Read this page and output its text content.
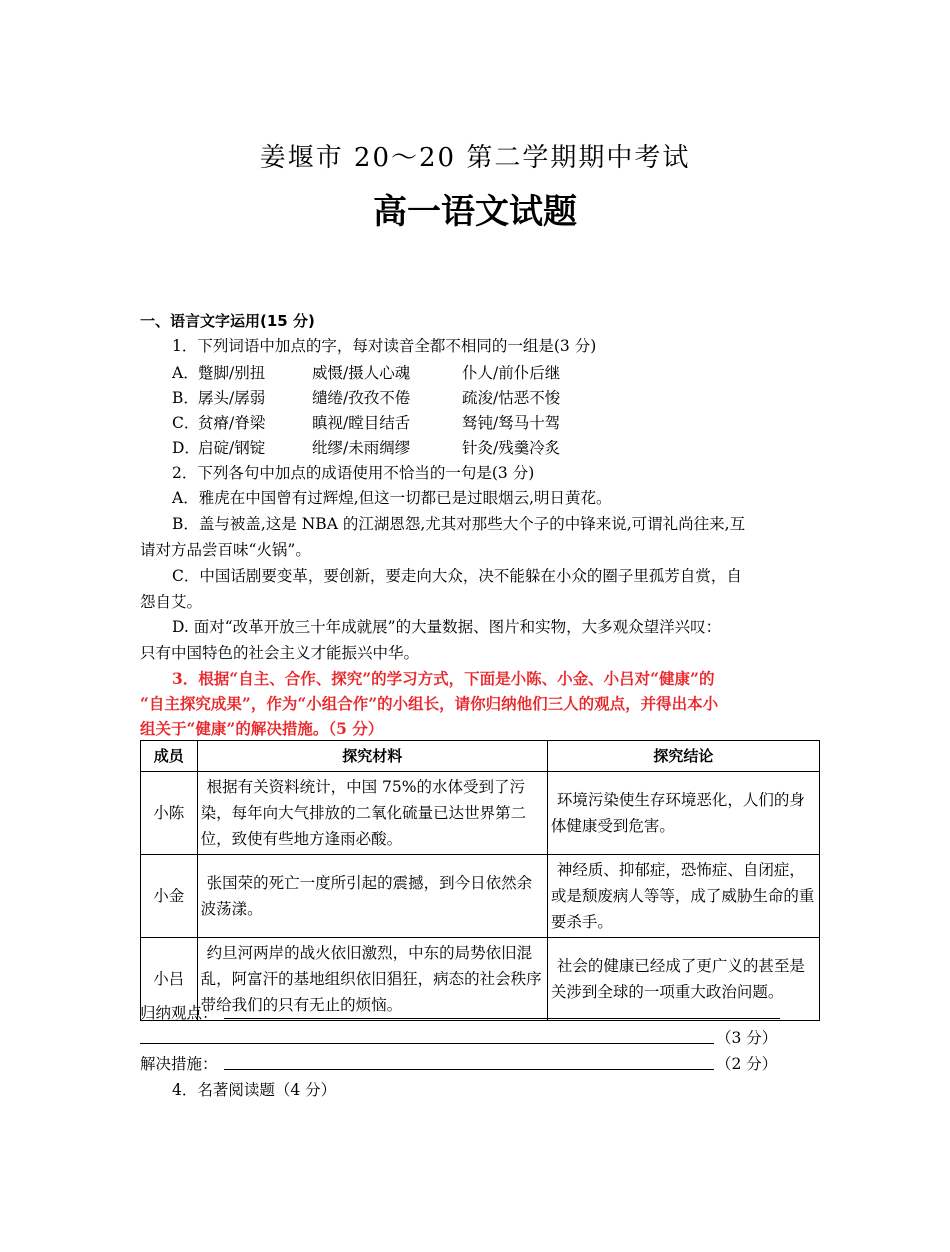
姜堰市 20～20 第二学期期中考试
高一语文试题
一、语言文字运用(15 分)
1．下列词语中加点的字，每对读音全都不相同的一组是(3 分)
A． 蹩脚/别扭	威慑/摄人心魂	仆人/前仆后继
B． 孱头/孱弱	缱绻/孜孜不倦	疏浚/怙恶不悛
C．
贫瘠/脊梁	瞋视/瞠目结舌	驽钝/驽马十驾
D．
启碇/钢锭	纰缪/未雨绸缪	针灸/残羹冷炙
2．下列各句中加点的成语使用不恰当的一句是(3 分)
A．雅虎在中国曾有过辉煌,但这一切都已是过眼烟云,明日黄花。
B．盖与被盖,这是 NBA 的江湖恩怨,尤其对那些大个子的中锋来说,可谓礼尚往来,互
请对方品尝百味“火锅”。
C．中国话剧要变革，要创新，要走向大众，决不能躲在小众的圈子里孤芳自赏，自
怨自艾。
D. 面对“改革开放三十年成就展”的大量数据、图片和实物，大多观众望洋兴叹：
只有中国特色的社会主义才能振兴中华。
3．根据“自主、合作、探究”的学习方式，下面是小陈、小金、小吕对“健康”的
“自主探究成果”，作为“小组合作”的小组长，请你归纳他们三人的观点，并得出本小
组关于“健康”的解决措施。（5 分）
成员	探究材料	探究结论
小陈	根据有关资料统计，中国 75%的水体受到了污染，每年向大气排放的二氧化硫量已达世界第二位，致使有些地方逢雨必酸。	环境污染使生存环境恶化，人们的身体健康受到危害。
小金	张国荣的死亡一度所引起的震撼，到今日依然余波荡漾。	神经质、抑郁症，恐怖症、自闭症，或是颓废病人等等，成了威胁生命的重要杀手。
小吕	约旦河两岸的战火依旧激烈，中东的局势依旧混乱，阿富汗的基地组织依旧猖狂，病态的社会秩序带给我们的只有无止的烦恼。	社会的健康已经成了更广义的甚至是关涉到全球的一项重大政治问题。
归纳观点：
（3 分）
解决措施：	（2 分）
4．名著阅读题（4 分）
